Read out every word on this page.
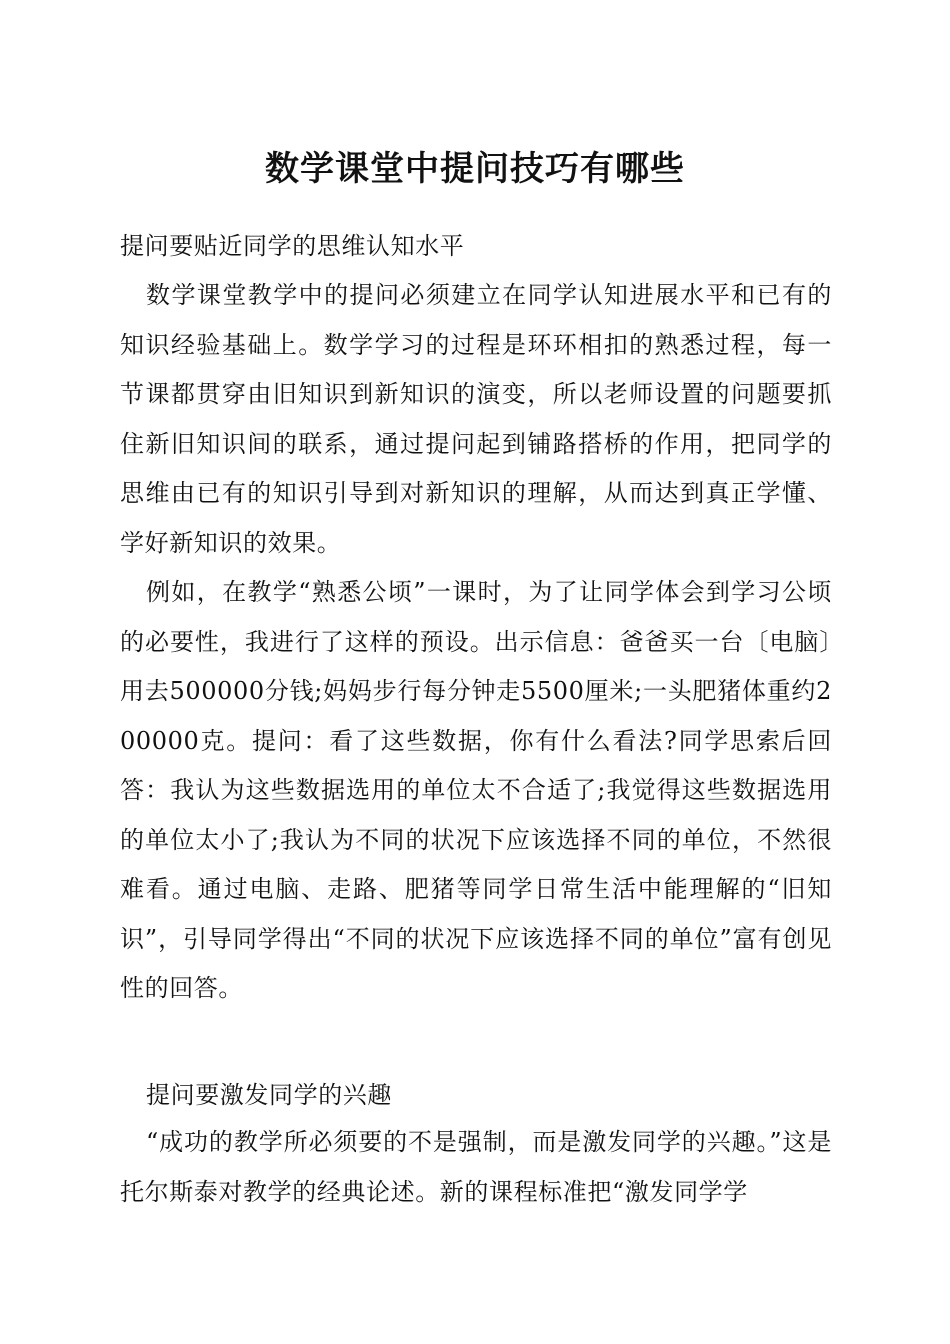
数学课堂中提问技巧有哪些
提问要贴近同学的思维认知水平
数学课堂教学中的提问必须建立在同学认知进展水平和已有的知识经验基础上。数学学习的过程是环环相扣的熟悉过程，每一节课都贯穿由旧知识到新知识的演变，所以老师设置的问题要抓住新旧知识间的联系，通过提问起到铺路搭桥的作用，把同学的思维由已有的知识引导到对新知识的理解，从而达到真正学懂、学好新知识的效果。
例如，在教学“熟悉公顷”一课时，为了让同学体会到学习公顷的必要性，我进行了这样的预设。出示信息：爸爸买一台〔电脑〕用去500000分钱;妈妈步行每分钟走5500厘米;一头肥猪体重约200000克。提问：看了这些数据，你有什么看法?同学思索后回答：我认为这些数据选用的单位太不合适了;我觉得这些数据选用的单位太小了;我认为不同的状况下应该选择不同的单位，不然很难看。通过电脑、走路、肥猪等同学日常生活中能理解的“旧知识”，引导同学得出“不同的状况下应该选择不同的单位”富有创见性的回答。
提问要激发同学的兴趣
“成功的教学所必须要的不是强制，而是激发同学的兴趣。”这是托尔斯泰对教学的经典论述。新的课程标准把“激发同学学
